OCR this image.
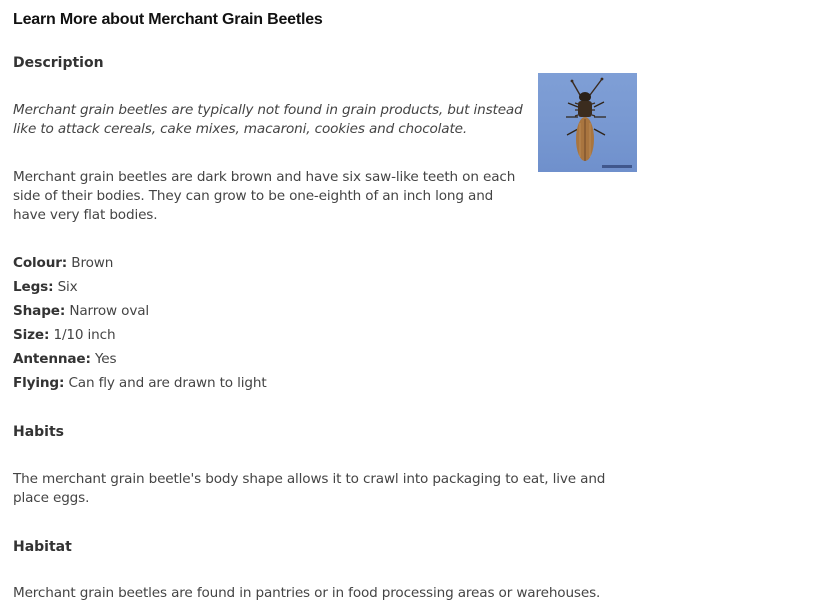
Learn More about Merchant Grain Beetles
Description
Merchant grain beetles are typically not found in grain products, but instead like to attack cereals, cake mixes, macaroni, cookies and chocolate.
Merchant grain beetles are dark brown and have six saw-like teeth on each side of their bodies. They can grow to be one-eighth of an inch long and have very flat bodies.
Colour: Brown
Legs: Six
Shape: Narrow oval
Size: 1/10 inch
Antennae: Yes
Flying: Can fly and are drawn to light
Habits
The merchant grain beetle's body shape allows it to crawl into packaging to eat, live and place eggs.
Habitat
Merchant grain beetles are found in pantries or in food processing areas or warehouses.
